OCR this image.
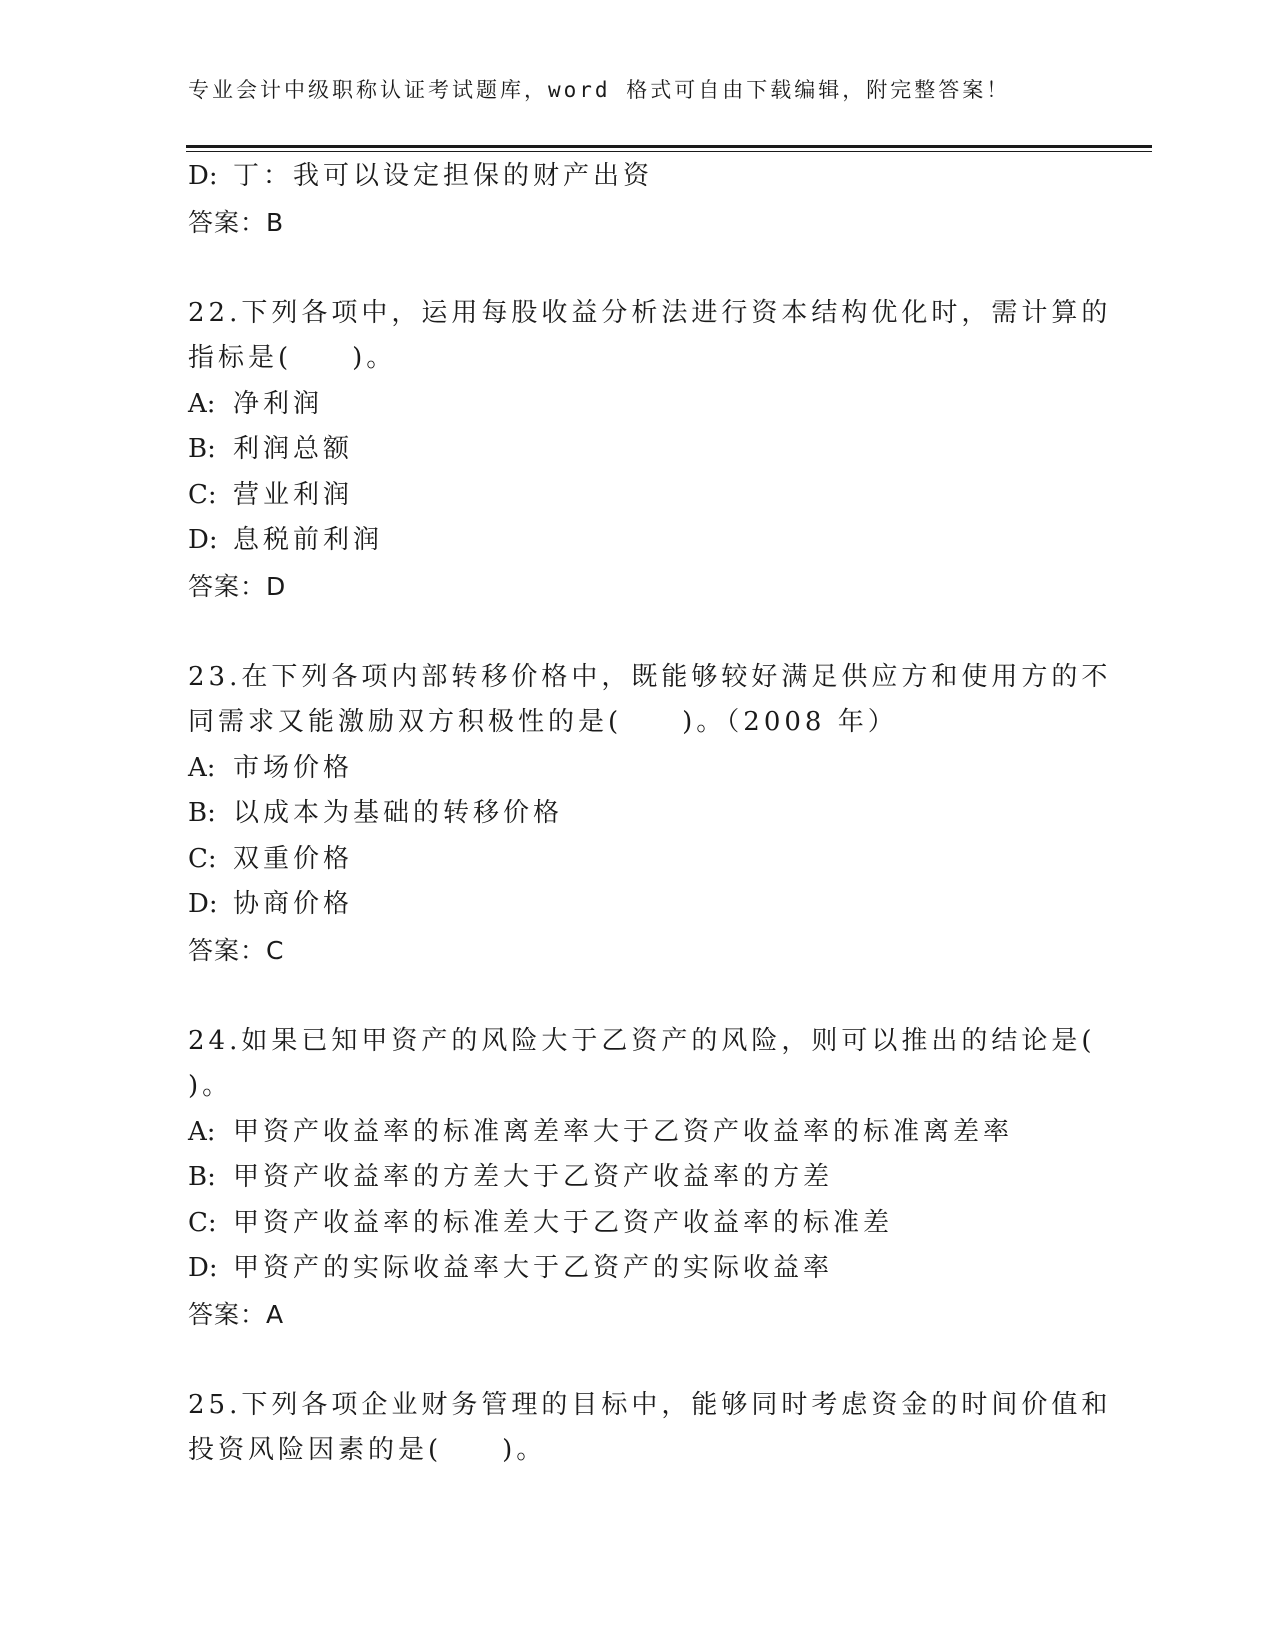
专业会计中级职称认证考试题库，word 格式可自由下载编辑，附完整答案！
D: 丁：我可以设定担保的财产出资
答案：B
22.下列各项中，运用每股收益分析法进行资本结构优化时，需计算的
指标是(　　)。
A: 净利润
B: 利润总额
C: 营业利润
D: 息税前利润
答案：D
23.在下列各项内部转移价格中，既能够较好满足供应方和使用方的不
同需求又能激励双方积极性的是(　　)。（2008 年）
A: 市场价格
B: 以成本为基础的转移价格
C: 双重价格
D: 协商价格
答案：C
24.如果已知甲资产的风险大于乙资产的风险，则可以推出的结论是(
)。
A: 甲资产收益率的标准离差率大于乙资产收益率的标准离差率
B: 甲资产收益率的方差大于乙资产收益率的方差
C: 甲资产收益率的标准差大于乙资产收益率的标准差
D: 甲资产的实际收益率大于乙资产的实际收益率
答案：A
25.下列各项企业财务管理的目标中，能够同时考虑资金的时间价值和
投资风险因素的是(　　)。
